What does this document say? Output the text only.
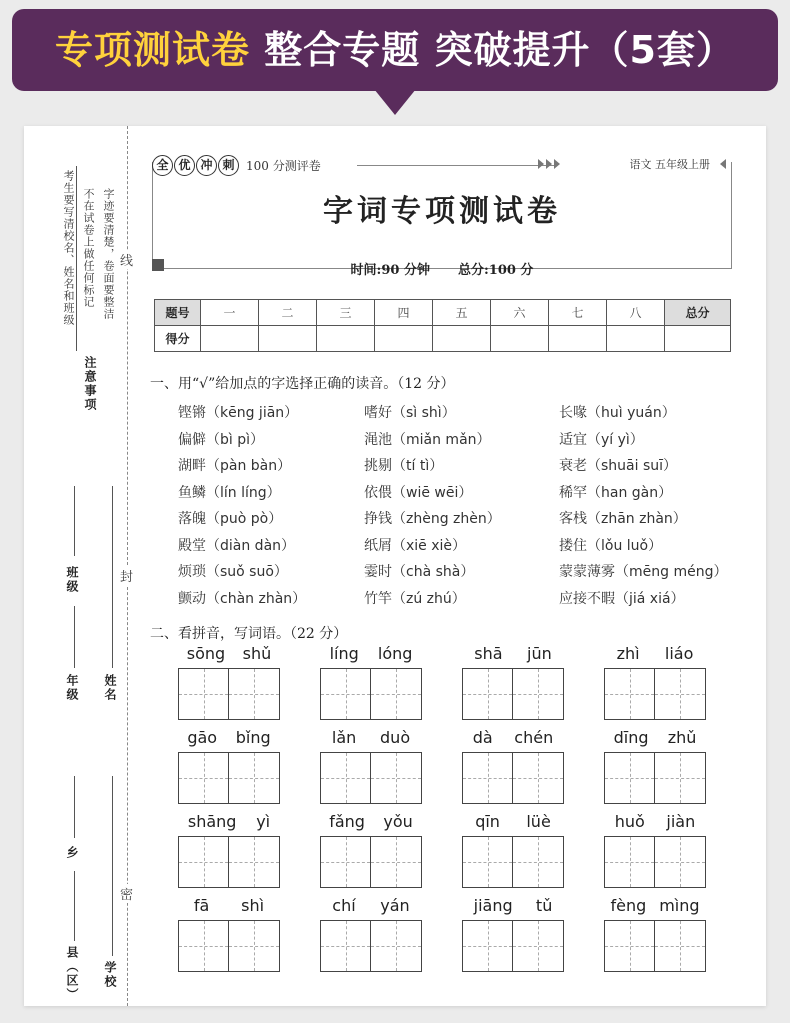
专项测试卷 整合专题 突破提升（5套）
注意事项
考生要写清校名、姓名和班级 不在试卷上做任何标记 字迹要清楚，卷面要整洁
班级
年级 姓名
乡
县（区） 学校
线
封
密
全 优 冲 刺 100 分测评卷	语文 五年级上册
字词专项测试卷
时间:90 分钟 总分:100 分
题号	一	二	三	四	五	六	七	八	总分
得分									
一、用“√”给加点的字选择正确的读音。（12 分）
铿锵（kēng jiān）	嗜好（sì shì）	长喙（huì yuán）
偏僻（bì pì）	渑池（miǎn mǎn）	适宜（yí yì）
湖畔（pàn bàn）	挑剔（tí tì）	衰老（shuāi suī）
鱼鳞（lín líng）	依偎（wiē wēi）	稀罕（han gàn）
落魄（può pò）	挣钱（zhèng zhèn）	客栈（zhān zhàn）
殿堂（diàn dàn）	纸屑（xiē xiè）	搂住（lǒu luǒ）
烦琐（suǒ suō）	霎时（chà shà）	蒙蒙薄雾（mēng méng）
颤动（chàn zhàn）	竹竿（zú zhú）	应接不暇（jiá xiá）
二、看拼音，写词语。（22 分）
sōng shǔ	líng lóng	shā jūn	zhì liáo
gāo bǐng	lǎn duò	dà chén	dīng zhǔ
shāng yì	fǎng yǒu	qīn lüè	huǒ jiàn
fā shì	chí yán	jiāng tǔ	fèng mìng
